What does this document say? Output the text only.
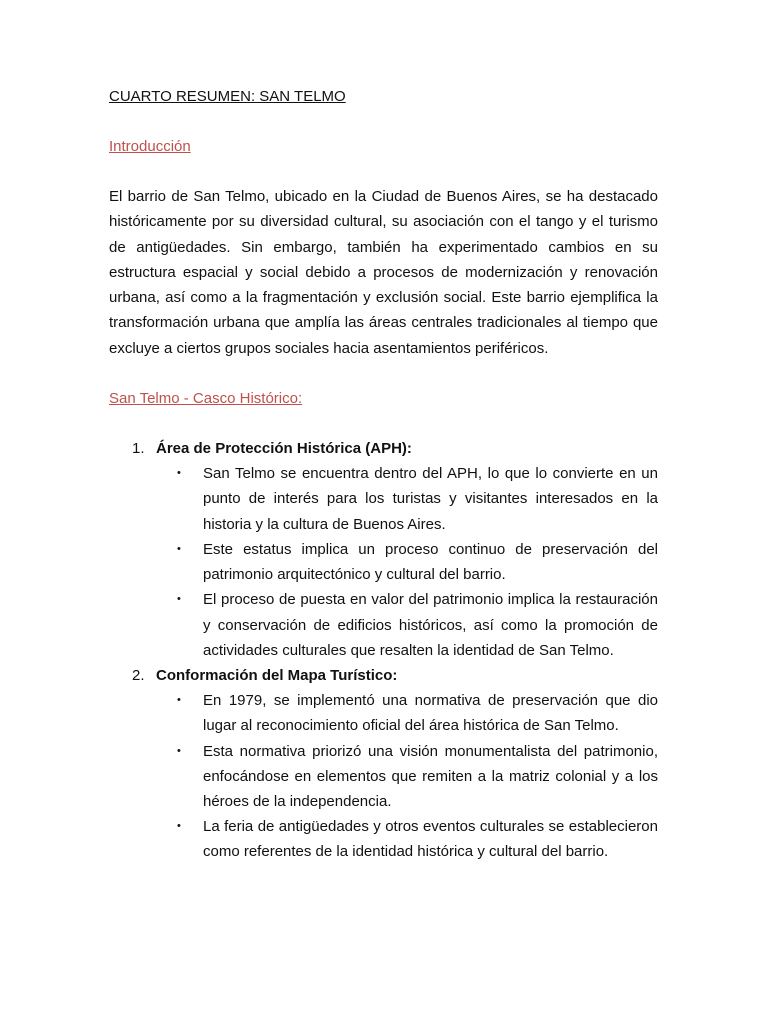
CUARTO RESUMEN: SAN TELMO
Introducción

El barrio de San Telmo, ubicado en la Ciudad de Buenos Aires, se ha destacado históricamente por su diversidad cultural, su asociación con el tango y el turismo de antigüedades. Sin embargo, también ha experimentado cambios en su estructura espacial y social debido a procesos de modernización y renovación urbana, así como a la fragmentación y exclusión social. Este barrio ejemplifica la transformación urbana que amplía las áreas centrales tradicionales al tiempo que excluye a ciertos grupos sociales hacia asentamientos periféricos.

San Telmo - Casco Histórico:
1. Área de Protección Histórica (APH):
• San Telmo se encuentra dentro del APH, lo que lo convierte en un punto de interés para los turistas y visitantes interesados en la historia y la cultura de Buenos Aires.
• Este estatus implica un proceso continuo de preservación del patrimonio arquitectónico y cultural del barrio.
• El proceso de puesta en valor del patrimonio implica la restauración y conservación de edificios históricos, así como la promoción de actividades culturales que resalten la identidad de San Telmo.
2. Conformación del Mapa Turístico:
• En 1979, se implementó una normativa de preservación que dio lugar al reconocimiento oficial del área histórica de San Telmo.
• Esta normativa priorizó una visión monumentalista del patrimonio, enfocándose en elementos que remiten a la matriz colonial y a los héroes de la independencia.
• La feria de antigüedades y otros eventos culturales se establecieron como referentes de la identidad histórica y cultural del barrio.
